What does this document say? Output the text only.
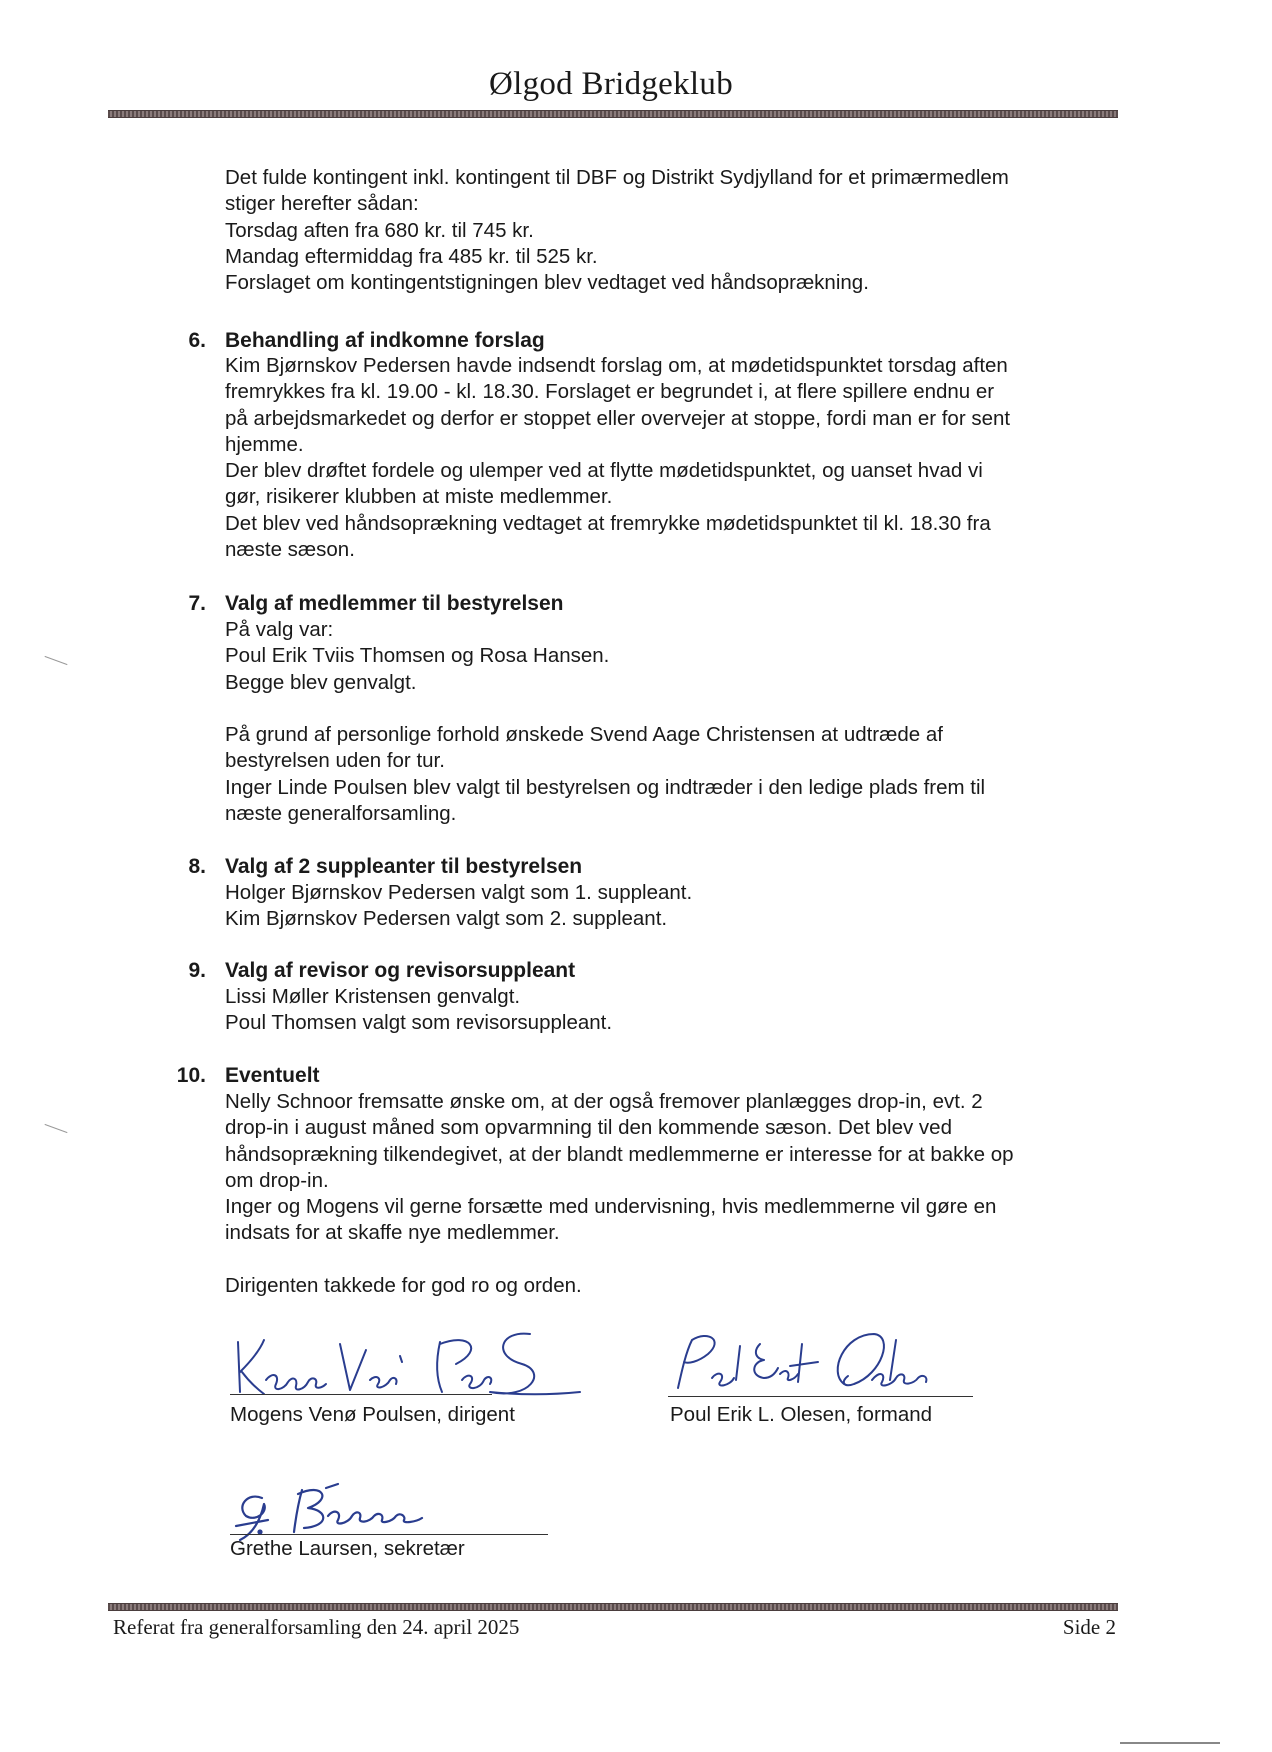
Ølgod Bridgeklub
Det fulde kontingent inkl. kontingent til DBF og Distrikt Sydjylland for et primærmedlem
stiger herefter sådan:
Torsdag aften fra 680 kr. til 745 kr.
Mandag eftermiddag fra 485 kr. til 525 kr.
Forslaget om kontingentstigningen blev vedtaget ved håndsoprækning.
6. Behandling af indkomne forslag
Kim Bjørnskov Pedersen havde indsendt forslag om, at mødetidspunktet torsdag aften
fremrykkes fra kl. 19.00 - kl. 18.30. Forslaget er begrundet i, at flere spillere endnu er
på arbejdsmarkedet og derfor er stoppet eller overvejer at stoppe, fordi man er for sent
hjemme.
Der blev drøftet fordele og ulemper ved at flytte mødetidspunktet, og uanset hvad vi
gør, risikerer klubben at miste medlemmer.
Det blev ved håndsoprækning vedtaget at fremrykke mødetidspunktet til kl. 18.30 fra
næste sæson.
7. Valg af medlemmer til bestyrelsen
På valg var:
Poul Erik Tviis Thomsen og Rosa Hansen.
Begge blev genvalgt.

På grund af personlige forhold ønskede Svend Aage Christensen at udtræde af
bestyrelsen uden for tur.
Inger Linde Poulsen blev valgt til bestyrelsen og indtræder i den ledige plads frem til
næste generalforsamling.
8. Valg af 2 suppleanter til bestyrelsen
Holger Bjørnskov Pedersen valgt som 1. suppleant.
Kim Bjørnskov Pedersen valgt som 2. suppleant.
9. Valg af revisor og revisorsuppleant
Lissi Møller Kristensen genvalgt.
Poul Thomsen valgt som revisorsuppleant.
10. Eventuelt
Nelly Schnoor fremsatte ønske om, at der også fremover planlægges drop-in, evt. 2
drop-in i august måned som opvarmning til den kommende sæson. Det blev ved
håndsoprækning tilkendegivet, at der blandt medlemmerne er interesse for at bakke op
om drop-in.
Inger og Mogens vil gerne forsætte med undervisning, hvis medlemmerne vil gøre en
indsats for at skaffe nye medlemmer.

Dirigenten takkede for god ro og orden.
Mogens Venø Poulsen, dirigent	Poul Erik L. Olesen, formand
Grethe Laursen, sekretær
Referat fra generalforsamling den 24. april 2025	Side 2
